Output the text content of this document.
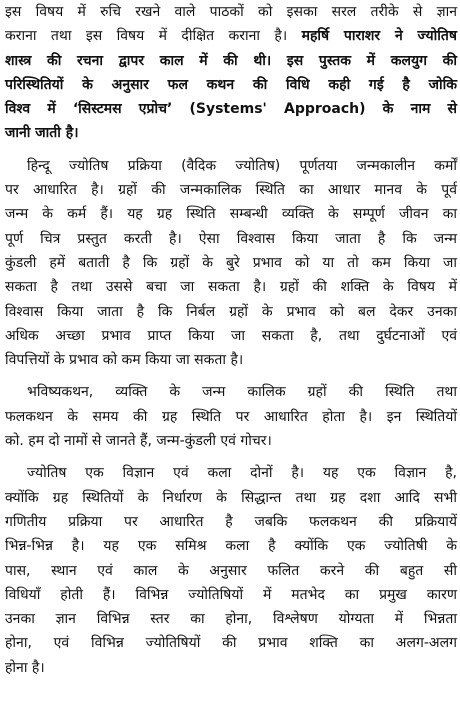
इस विषय में रुचि रखने वाले पाठकों को इसका सरल तरीके से ज्ञान
कराना तथा इस विषय में दीक्षित कराना है। महर्षि पाराशर ने ज्योतिष
शास्त्र की रचना द्वापर काल में की थी। इस पुस्तक में कलयुग की
परिस्थितियों के अनुसार फल कथन की विधि कही गई है जोकि
विश्व में ‘सिस्टमस एप्रोच’ (Systems' Approach) के नाम से
जानी जाती है।
हिन्दू ज्योतिष प्रक्रिया (वैदिक ज्योतिष) पूर्णतया जन्मकालीन कर्मों
पर आधारित है। ग्रहों की जन्मकालिक स्थिति का आधार मानव के पूर्व
जन्म के कर्म हैं। यह ग्रह स्थिति सम्बन्धी व्यक्ति के सम्पूर्ण जीवन का
पूर्ण चित्र प्रस्तुत करती है। ऐसा विश्वास किया जाता है कि जन्म
कुंडली हमें बताती है कि ग्रहों के बुरे प्रभाव को या तो कम किया जा
सकता है तथा उससे बचा जा सकता है। ग्रहों की शक्ति के विषय में
विश्वास किया जाता है कि निर्बल ग्रहों के प्रभाव को बल देकर उनका
अधिक अच्छा प्रभाव प्राप्त किया जा सकता है, तथा दुर्घटनाओं एवं
विपत्तियों के प्रभाव को कम किया जा सकता है।
भविष्यकथन, व्यक्ति के जन्म कालिक ग्रहों की स्थिति तथा
फलकथन के समय की ग्रह स्थिति पर आधारित होता है। इन स्थितियों
को. हम दो नामों से जानते हैं, जन्म-कुंडली एवं गोचर।
ज्योतिष एक विज्ञान एवं कला दोनों है। यह एक विज्ञान है,
क्योंकि ग्रह स्थितियों के निर्धारण के सिद्धान्त तथा ग्रह दशा आदि सभी
गणितीय प्रक्रिया पर आधारित है जबकि फलकथन की प्रक्रियायें
भिन्न-भिन्न है। यह एक समिश्र कला है क्योंकि एक ज्योतिषी के
पास, स्थान एवं काल के अनुसार फलित करने की बहुत सी
विधियाँ होती हैं। विभिन्न ज्योतिषियों में मतभेद का प्रमुख कारण
उनका ज्ञान विभिन्न स्तर का होना, विश्लेषण योग्यता में भिन्नता
होना, एवं विभिन्न ज्योतिषियों की प्रभाव शक्ति का अलग-अलग
होना है।
